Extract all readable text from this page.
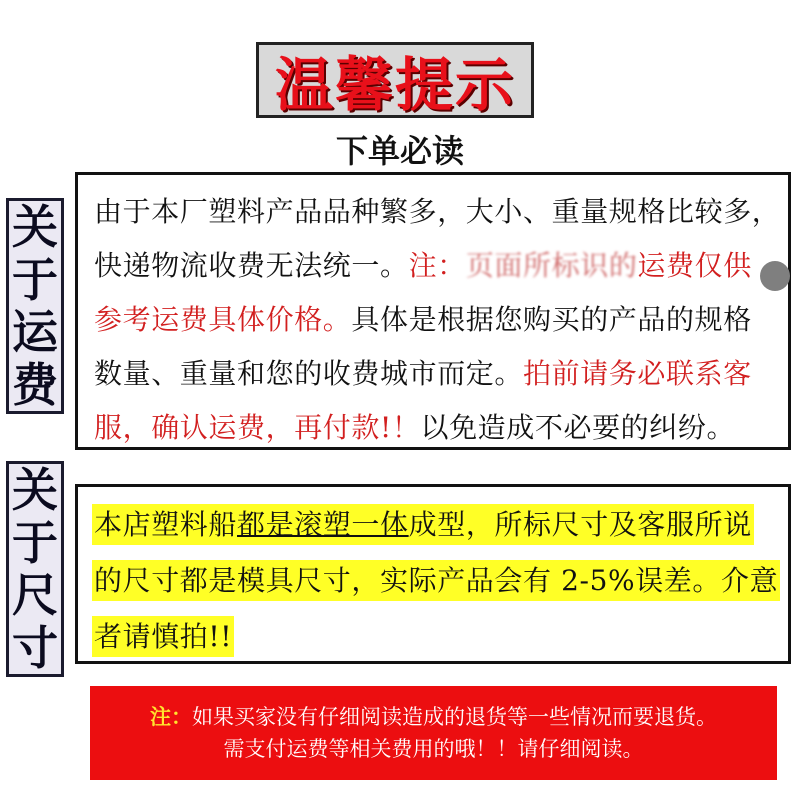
温馨提示
下单必读
关
于
运
费
由于本厂塑料产品品种繁多，大小、重量规格比较多，
快递物流收费无法统一。注：页面所标识的运费仅供
参考运费具体价格。具体是根据您购买的产品的规格
数量、重量和您的收费城市而定。拍前请务必联系客
服，确认运费，再付款!！以免造成不必要的纠纷。
关
于
尺
寸
本店塑料船都是滚塑一体成型，所标尺寸及客服所说
的尺寸都是模具尺寸，实际产品会有 2-5%误差。介意
者请慎拍!!
注：如果买家没有仔细阅读造成的退货等一些情况而要退货。
需支付运费等相关费用的哦！！请仔细阅读。
